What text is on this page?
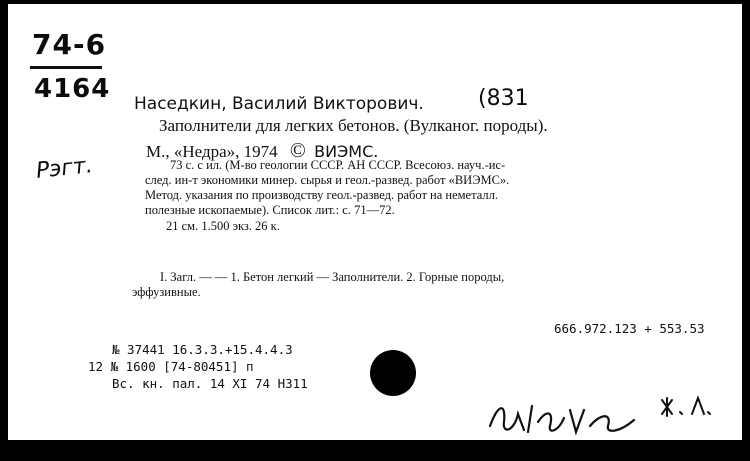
74-6
4164
Рэгт.
Наседкин, Василий Викторович. (831
Заполнители для легких бетонов. (Вулканог. породы).
М., «Недра», 1974 © ВИЭМС.
73 с. с ил. (М-во геологии СССР. АН СССР. Всесоюз. науч.-ис-
след. ин-т экономики минер. сырья и геол.-развед. работ «ВИЭМС».
Метод. указания по производству геол.-развед. работ на неметалл.
полезные ископаемые). Список лит.: с. 71—72.
21 см. 1.500 экз. 26 к.
I. Загл. — — 1. Бетон легкий — Заполнители. 2. Горные породы,
эффузивные.
666.972.123 + 553.53
№ 37441 16.3.3.+15.4.4.3
12 № 1600 [74-80451] п
Вс. кн. пал. 14 XI 74 Н311
